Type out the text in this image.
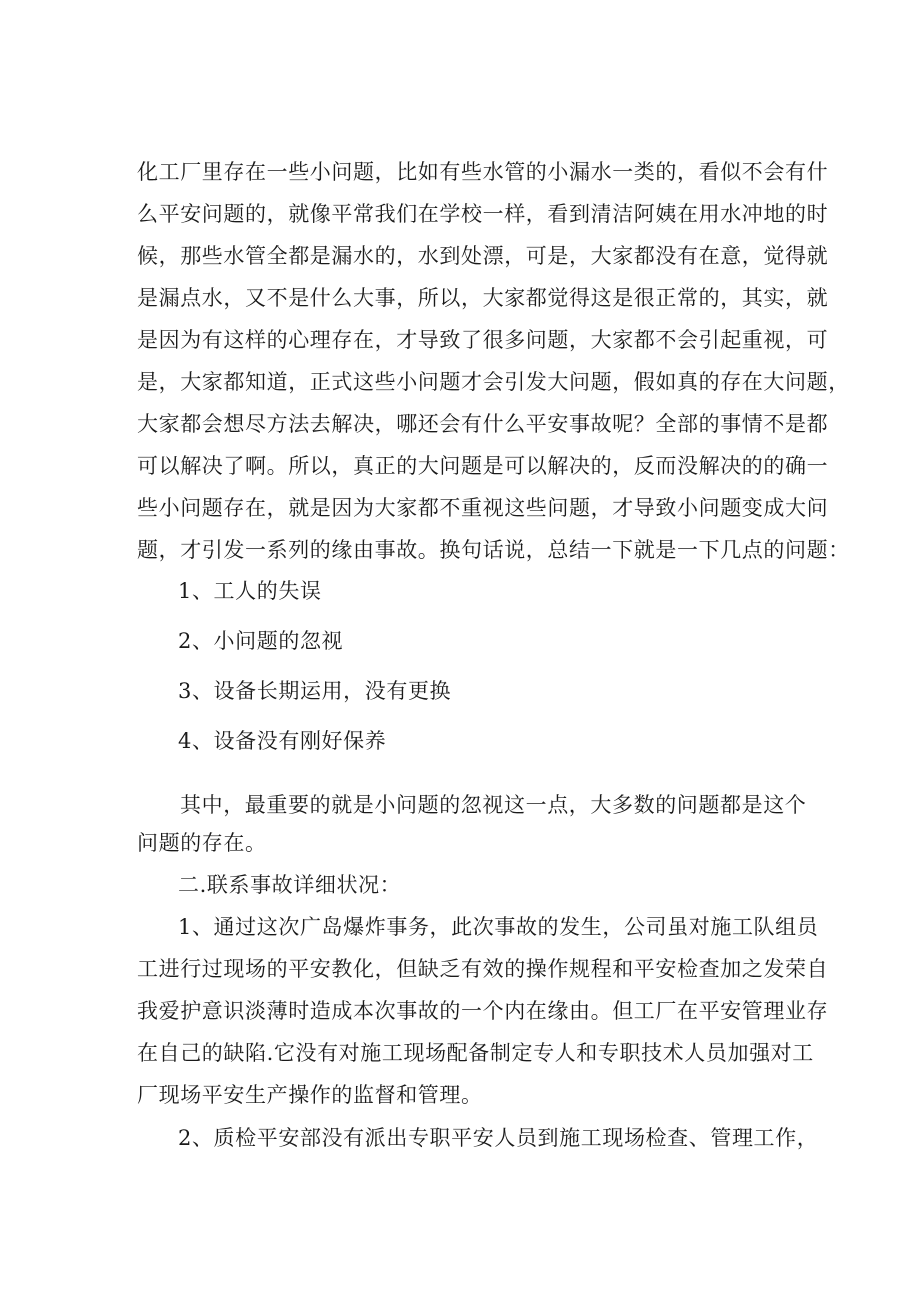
化工厂里存在一些小问题，比如有些水管的小漏水一类的，看似不会有什
么平安问题的，就像平常我们在学校一样，看到清洁阿姨在用水冲地的时
候，那些水管全都是漏水的，水到处漂，可是，大家都没有在意，觉得就
是漏点水，又不是什么大事，所以，大家都觉得这是很正常的，其实，就
是因为有这样的心理存在，才导致了很多问题，大家都不会引起重视，可
是，大家都知道，正式这些小问题才会引发大问题，假如真的存在大问题，
大家都会想尽方法去解决，哪还会有什么平安事故呢？全部的事情不是都
可以解决了啊。所以，真正的大问题是可以解决的，反而没解决的的确一
些小问题存在，就是因为大家都不重视这些问题，才导致小问题变成大问
题，才引发一系列的缘由事故。换句话说，总结一下就是一下几点的问题：
1、工人的失误
2、小问题的忽视
3、设备长期运用，没有更换
4、设备没有刚好保养
其中，最重要的就是小问题的忽视这一点，大多数的问题都是这个
问题的存在。
二.联系事故详细状况：
1、通过这次广岛爆炸事务，此次事故的发生，公司虽对施工队组员
工进行过现场的平安教化，但缺乏有效的操作规程和平安检查加之发荣自
我爱护意识淡薄时造成本次事故的一个内在缘由。但工厂在平安管理业存
在自己的缺陷.它没有对施工现场配备制定专人和专职技术人员加强对工
厂现场平安生产操作的监督和管理。
2、质检平安部没有派出专职平安人员到施工现场检查、管理工作，
